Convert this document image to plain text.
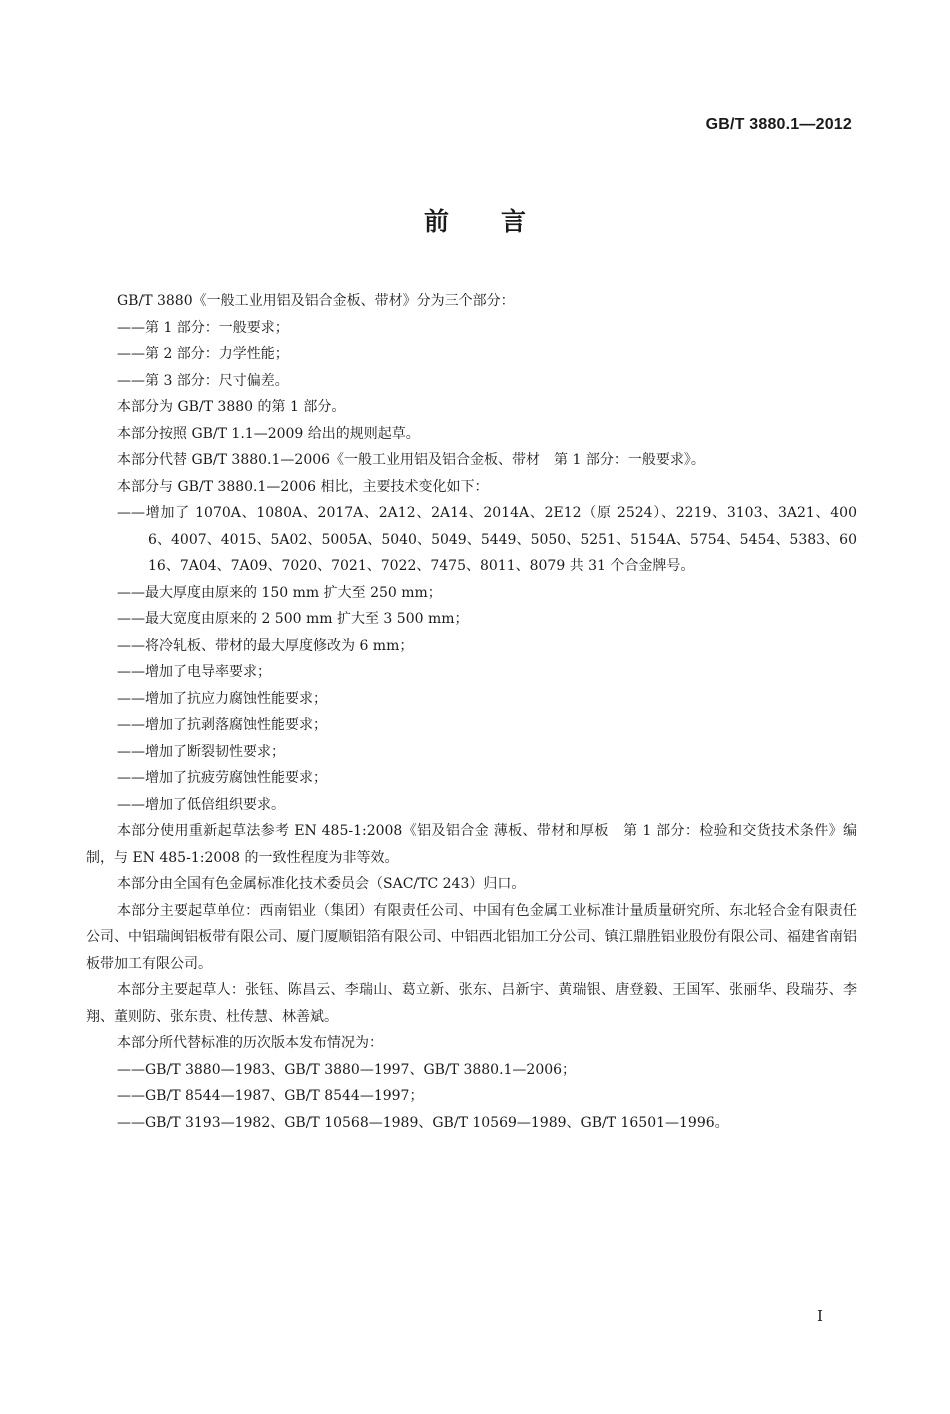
GB/T 3880.1—2012
前言

GB/T 3880《一般工业用铝及铝合金板、带材》分为三个部分：

——第 1 部分：一般要求；

——第 2 部分：力学性能；

——第 3 部分：尺寸偏差。

本部分为 GB/T 3880 的第 1 部分。

本部分按照 GB/T 1.1—2009 给出的规则起草。

本部分代替 GB/T 3880.1—2006《一般工业用铝及铝合金板、带材　第 1 部分：一般要求》。

本部分与 GB/T 3880.1—2006 相比，主要技术变化如下：

——增加了 1070A、1080A、2017A、2A12、2A14、2014A、2E12（原 2524）、2219、3103、3A21、4006、4007、4015、5A02、5005A、5040、5049、5449、5050、5251、5154A、5754、5454、5383、6016、7A04、7A09、7020、7021、7022、7475、8011、8079 共 31 个合金牌号。

——最大厚度由原来的 150 mm 扩大至 250 mm；

——最大宽度由原来的 2 500 mm 扩大至 3 500 mm；

——将冷轧板、带材的最大厚度修改为 6 mm；

——增加了电导率要求；

——增加了抗应力腐蚀性能要求；

——增加了抗剥落腐蚀性能要求；

——增加了断裂韧性要求；

——增加了抗疲劳腐蚀性能要求；

——增加了低倍组织要求。

本部分使用重新起草法参考 EN 485-1:2008《铝及铝合金 薄板、带材和厚板　第 1 部分：检验和交货技术条件》编制，与 EN 485-1:2008 的一致性程度为非等效。

本部分由全国有色金属标准化技术委员会（SAC/TC 243）归口。

本部分主要起草单位：西南铝业（集团）有限责任公司、中国有色金属工业标准计量质量研究所、东北轻合金有限责任公司、中铝瑞闽铝板带有限公司、厦门厦顺铝箔有限公司、中铝西北铝加工分公司、镇江鼎胜铝业股份有限公司、福建省南铝板带加工有限公司。

本部分主要起草人：张钰、陈昌云、李瑞山、葛立新、张东、吕新宇、黄瑞银、唐登毅、王国军、张丽华、段瑞芬、李翔、董则防、张东贵、杜传慧、林善斌。

本部分所代替标准的历次版本发布情况为：

——GB/T 3880—1983、GB/T 3880—1997、GB/T 3880.1—2006；

——GB/T 8544—1987、GB/T 8544—1997；

——GB/T 3193—1982、GB/T 10568—1989、GB/T 10569—1989、GB/T 16501—1996。

I
